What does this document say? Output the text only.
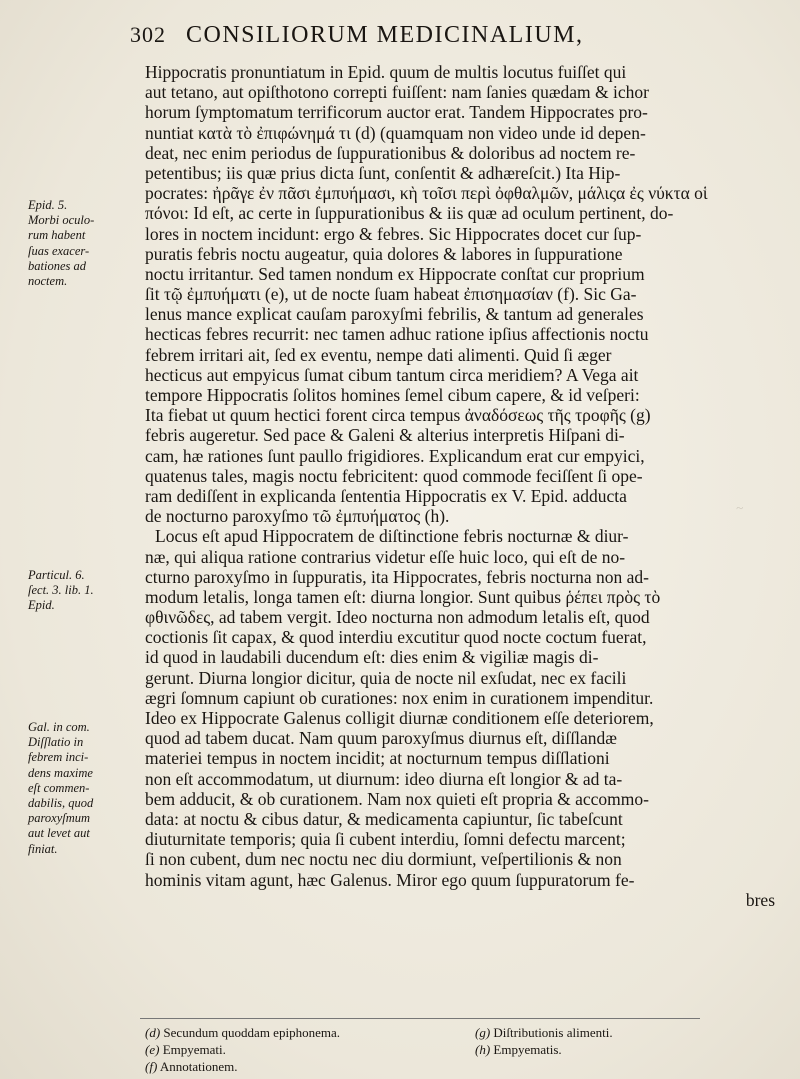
302 CONSILIORUM MEDICINALIUM,
Hippocratis pronuntiatum in Epid. quum de multis locutus fuiſſet qui
aut tetano, aut opiſthotono correpti fuiſſent: nam ſanies quædam & ichor
horum ſymptomatum terrificorum auctor erat. Tandem Hippocrates pro-
nuntiat κατὰ τὸ ἐπιφώνημά τι (d) (quamquam non video unde id depen-
deat, nec enim periodus de ſuppurationibus & doloribus ad noctem re-
petentibus; iis quæ prius dicta ſunt, conſentit & adhæreſcit.) Ita Hip-
pocrates: ἠρᾶγε ἐν πᾶσι ἐμπυήμασι, κὴ τοῖσι περὶ ὀφθαλμῶν, μάλιςα ἐς νύκτα οἱ
πόνοι: Id eſt, ac certe in ſuppurationibus & iis quæ ad oculum pertinent, do-
lores in noctem incidunt: ergo & febres. Sic Hippocrates docet cur ſup-
puratis febris noctu augeatur, quia dolores & labores in ſuppuratione
noctu irritantur. Sed tamen nondum ex Hippocrate conſtat cur proprium
ſit τῷ ἐμπυήματι (e), ut de nocte ſuam habeat ἐπισημασίαν (f). Sic Ga-
lenus mance explicat cauſam paroxyſmi febrilis, & tantum ad generales
hecticas febres recurrit: nec tamen adhuc ratione ipſius affectionis noctu
febrem irritari ait, ſed ex eventu, nempe dati alimenti. Quid ſi æger
hecticus aut empyicus ſumat cibum tantum circa meridiem? A Vega ait
tempore Hippocratis ſolitos homines ſemel cibum capere, & id veſperi:
Ita fiebat ut quum hectici forent circa tempus ἀναδόσεως τῆς τροφῆς (g)
febris augeretur. Sed pace & Galeni & alterius interpretis Hiſpani di-
cam, hæ rationes ſunt paullo frigidiores. Explicandum erat cur empyici,
quatenus tales, magis noctu febricitent: quod commode feciſſent ſi ope-
ram dediſſent in explicanda ſententia Hippocratis ex V. Epid. adducta
de nocturno paroxyſmo τῶ ἐμπυήματος (h).
Locus eſt apud Hippocratem de diſtinctione febris nocturnæ & diur-
næ, qui aliqua ratione contrarius videtur eſſe huic loco, qui eſt de no-
cturno paroxyſmo in ſuppuratis, ita Hippocrates, febris nocturna non ad-
modum letalis, longa tamen eſt: diurna longior. Sunt quibus ῥέπει πρὸς τὸ
φθινῶδες, ad tabem vergit. Ideo nocturna non admodum letalis eſt, quod
coctionis ſit capax, & quod interdiu excutitur quod nocte coctum fuerat,
id quod in laudabili ducendum eſt: dies enim & vigiliæ magis di-
gerunt. Diurna longior dicitur, quia de nocte nil exſudat, nec ex facili
ægri ſomnum capiunt ob curationes: nox enim in curationem impenditur.
Ideo ex Hippocrate Galenus colligit diurnæ conditionem eſſe deteriorem,
quod ad tabem ducat. Nam quum paroxyſmus diurnus eſt, diſſlandæ
materiei tempus in noctem incidit; at nocturnum tempus diſſlationi
non eſt accommodatum, ut diurnum: ideo diurna eſt longior & ad ta-
bem adducit, & ob curationem. Nam nox quieti eſt propria & accommo-
data: at noctu & cibus datur, & medicamenta capiuntur, ſic tabeſcunt
diuturnitate temporis; quia ſi cubent interdiu, ſomni defectu marcent;
ſi non cubent, dum nec noctu nec diu dormiunt, veſpertilionis & non
hominis vitam agunt, hæc Galenus. Miror ego quum ſuppuratorum fe-
bres
Epid. 5.
Morbi oculo-
rum habent
ſuas exacer-
bationes ad
noctem.
Particul. 6.
ſect. 3. lib. 1.
Epid.
Gal. in com.
Diſſlatio in
febrem inci-
dens maxime
eſt commen-
dabilis, quod
paroxyſmum
aut levet aut
finiat.
~
(d) Secundum quoddam epiphonema.	(g) Diſtributionis alimenti.
(e) Empyemati.	(h) Empyematis.
(f) Annotationem.
